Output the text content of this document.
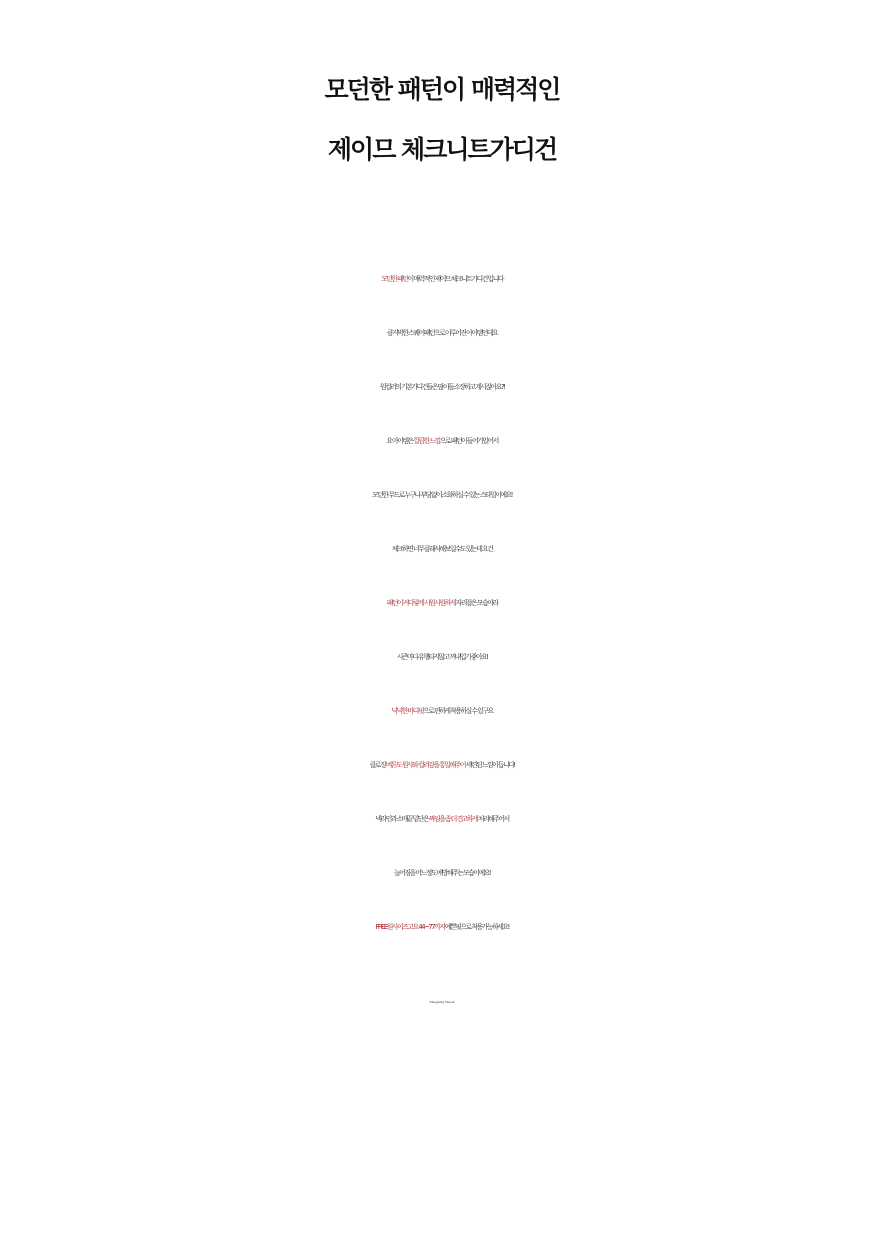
모던한 패턴이 매력적인
제이므 체크니트가디건
모던한 패턴이 매력적인 제이므 체크니트가디건 입니다
큼지막한 스퀘어패턴으로 이루어진 아이템인데요
원컬러의 기본가디건들은 많이들 소장하고 계시잖아요?!
요 아이템은 깔끔한 느낌으로 패턴이 들어가있어서
모던한 무드로 누구나 부담없이 소화하실 수 있는 스타일이예요!
체크하면 너무 클래식해보일수도 있는데 요건
패턴이 커다랗게 시원시원하게 자리잡은 모습이라
시즌마다 유행타지않고 꺼내입기 좋아요!
넉넉한 바디핏으로 편하게 착용하실 수 있구요
클로징 버튼도 원사와 컬러감을 통일해주어 세련된 느낌이 듭니다!
넥라인과 소매끝 밑단은 짜임을 좀 더 견고하게 처리해주어서
늘어짐을 어느정도 예방해주는 모습이예요!
FREE원사이즈고요 44~77까지 예쁜핏으로 착용가능하세요!
Shopping Check
